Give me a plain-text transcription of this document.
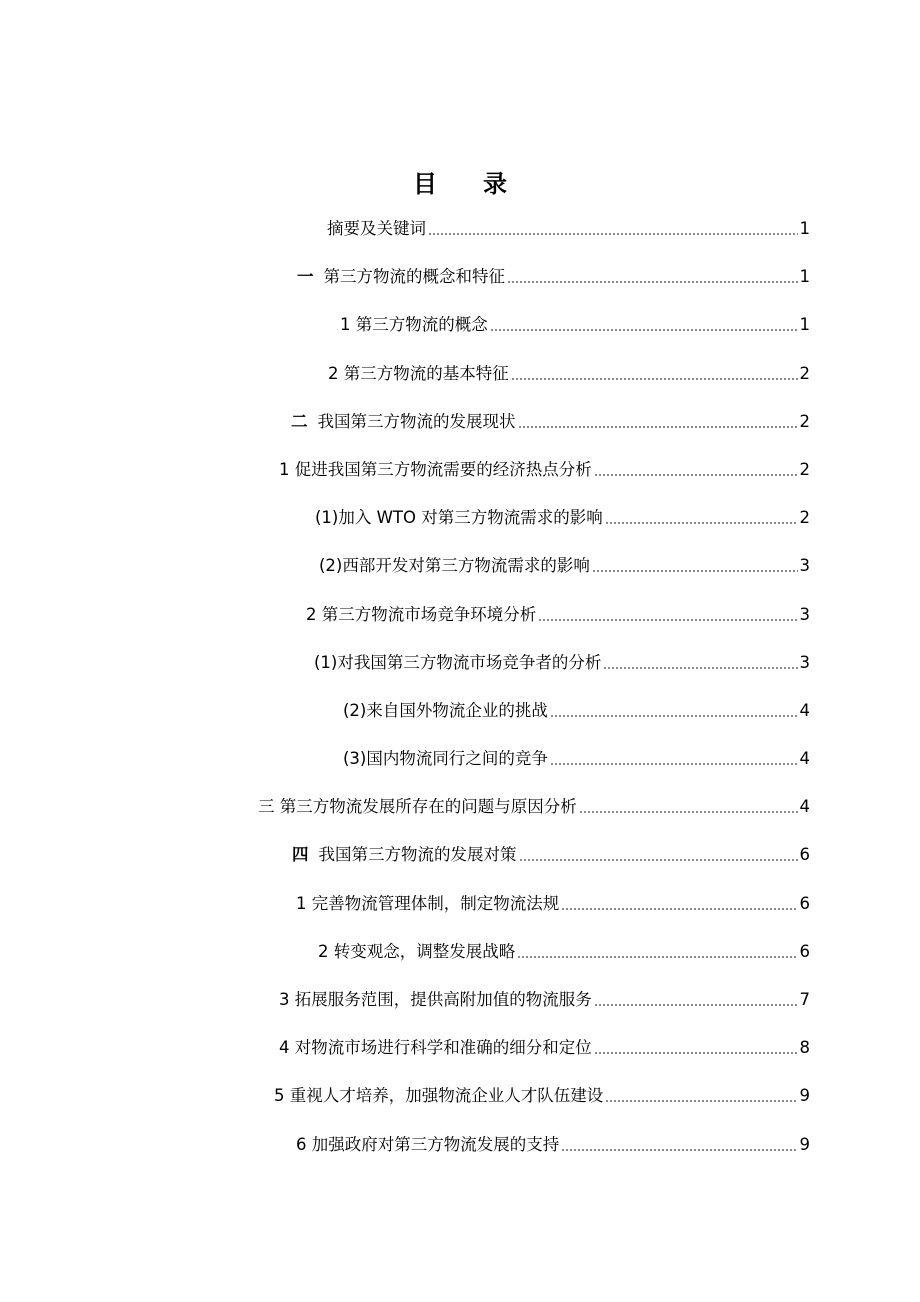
目 录
摘要及关键词	1
一 第三方物流的概念和特征	1
1 第三方物流的概念	1
2 第三方物流的基本特征	2
二 我国第三方物流的发展现状	2
1 促进我国第三方物流需要的经济热点分析	2
(1)加入 WTO 对第三方物流需求的影响	2
(2)西部开发对第三方物流需求的影响	3
2 第三方物流市场竞争环境分析	3
(1)对我国第三方物流市场竞争者的分析	3
(2)来自国外物流企业的挑战	4
(3)国内物流同行之间的竞争	4
三 第三方物流发展所存在的问题与原因分析	4
四 我国第三方物流的发展对策	6
1 完善物流管理体制，制定物流法规	6
2 转变观念，调整发展战略	6
3 拓展服务范围，提供高附加值的物流服务	7
4 对物流市场进行科学和准确的细分和定位	8
5 重视人才培养，加强物流企业人才队伍建设	9
6 加强政府对第三方物流发展的支持	9
